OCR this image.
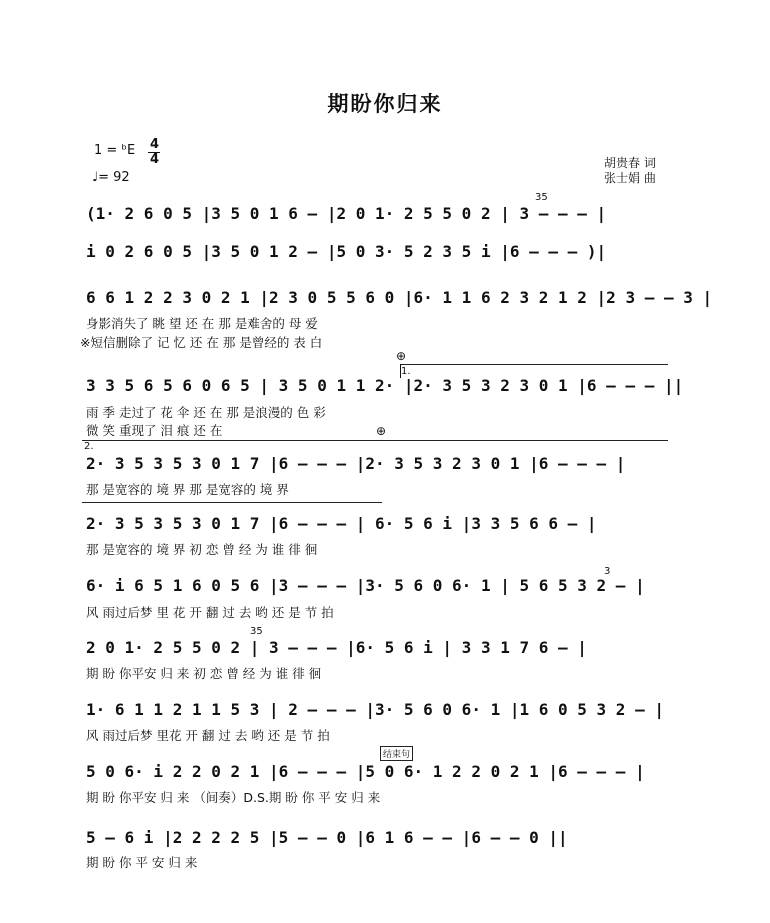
期盼你归来
1 = ᵇE 4
4
♩= 92
胡贵春 词
张士娟 曲
35
35
1.
2.
⊕
⊕
3
结束句
(1· 2 6 0 5 |3 5 0 1 6 – |2 0 1· 2 5 5 0 2 | 3 – – – |
i 0 2 6 0 5 |3 5 0 1 2 – |5 0 3· 5 2 3 5 i |6 – – – )|
6 6 1 2 2 3 0 2 1 |2 3 0 5 5 6 0 |6· 1 1 6 2 3 2 1 2 |2 3 – – 3 |
身影消失了 眺 望 还 在 那 是难舍的 母 爱
※短信删除了 记 忆 还 在 那 是曾经的 表 白
3 3 5 6 5 6 0 6 5 | 3 5 0 1 1 2· |2· 3 5 3 2 3 0 1 |6 – – – ||
雨 季 走过了 花 伞 还 在 那 是浪漫的 色 彩
微 笑 重现了 泪 痕 还 在
2· 3 5 3 5 3 0 1 7 |6 – – – |2· 3 5 3 2 3 0 1 |6 – – – |
那 是宽容的 境 界 那 是宽容的 境 界
2· 3 5 3 5 3 0 1 7 |6 – – – | 6· 5 6 i |3 3 5 6 6 – |
那 是宽容的 境 界 初 恋 曾 经 为 谁 徘 徊
6· i 6 5 1 6 0 5 6 |3 – – – |3· 5 6 0 6· 1 | 5 6 5 3 2 – |
风 雨过后梦 里 花 开 翻 过 去 哟 还 是 节 拍
2 0 1· 2 5 5 0 2 | 3 – – – |6· 5 6 i | 3 3 1 7 6 – |
期 盼 你平安 归 来 初 恋 曾 经 为 谁 徘 徊
1· 6 1 1 2 1 1 5 3 | 2 – – – |3· 5 6 0 6· 1 |1 6 0 5 3 2 – |
风 雨过后梦 里花 开 翻 过 去 哟 还 是 节 拍
5 0 6· i 2 2 0 2 1 |6 – – – |5 0 6· 1 2 2 0 2 1 |6 – – – |
期 盼 你平安 归 来 （间奏）D.S.期 盼 你 平 安 归 来
5 – 6 i |2 2 2 2 5 |5 – – 0 |6 1 6 – – |6 – – 0 ||
期 盼 你 平 安 归 来
